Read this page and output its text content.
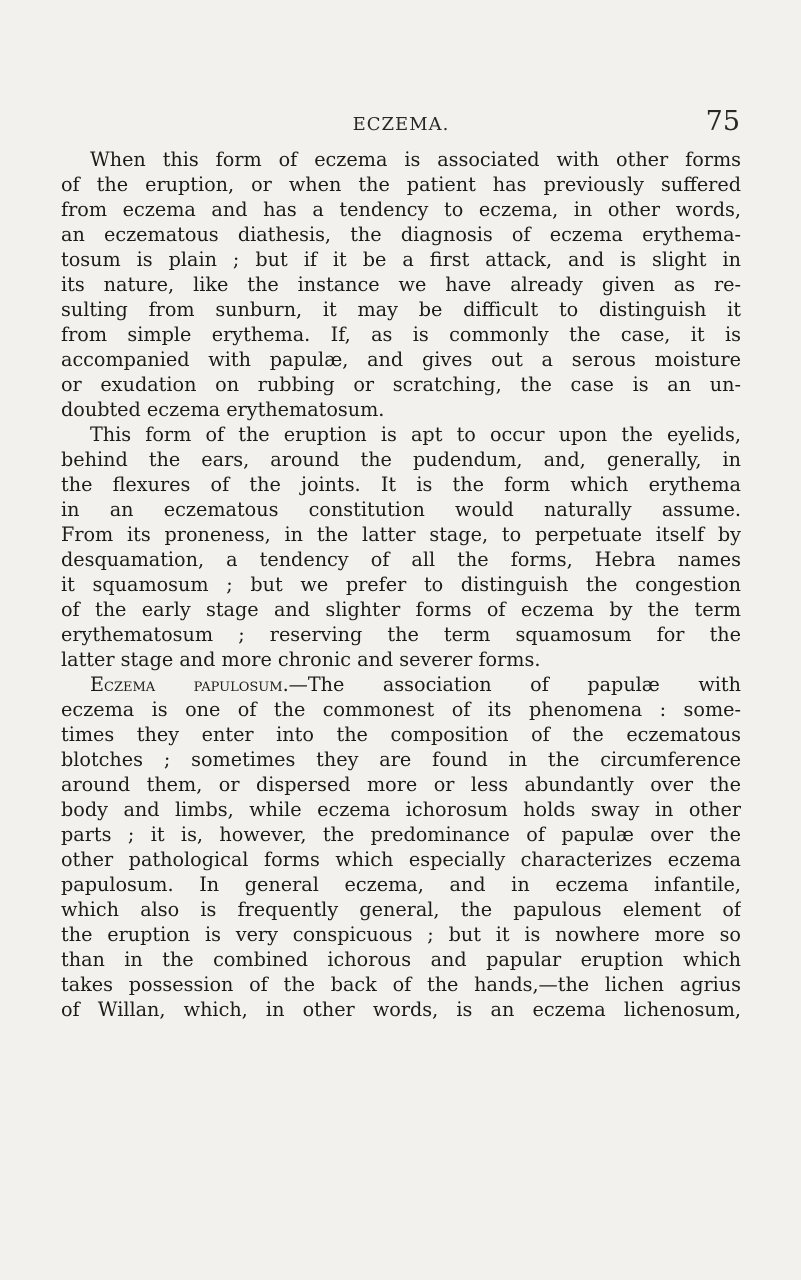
ECZEMA.	75
When this form of eczema is associated with other forms
of the eruption, or when the patient has previously suffered
from eczema and has a tendency to eczema, in other words,
an eczematous diathesis, the diagnosis of eczema erythema-
tosum is plain ; but if it be a first attack, and is slight in
its nature, like the instance we have already given as re-
sulting from sunburn, it may be difficult to distinguish it
from simple erythema. If, as is commonly the case, it is
accompanied with papulæ, and gives out a serous moisture
or exudation on rubbing or scratching, the case is an un-
doubted eczema erythematosum.
This form of the eruption is apt to occur upon the eyelids,
behind the ears, around the pudendum, and, generally, in
the flexures of the joints. It is the form which erythema
in an eczematous constitution would naturally assume.
From its proneness, in the latter stage, to perpetuate itself by
desquamation, a tendency of all the forms, Hebra names
it squamosum ; but we prefer to distinguish the congestion
of the early stage and slighter forms of eczema by the term
erythematosum ; reserving the term squamosum for the
latter stage and more chronic and severer forms.
Eczema papulosum.—The association of papulæ with
eczema is one of the commonest of its phenomena : some-
times they enter into the composition of the eczematous
blotches ; sometimes they are found in the circumference
around them, or dispersed more or less abundantly over the
body and limbs, while eczema ichorosum holds sway in other
parts ; it is, however, the predominance of papulæ over the
other pathological forms which especially characterizes eczema
papulosum. In general eczema, and in eczema infantile,
which also is frequently general, the papulous element of
the eruption is very conspicuous ; but it is nowhere more so
than in the combined ichorous and papular eruption which
takes possession of the back of the hands,—the lichen agrius
of Willan, which, in other words, is an eczema lichenosum,
